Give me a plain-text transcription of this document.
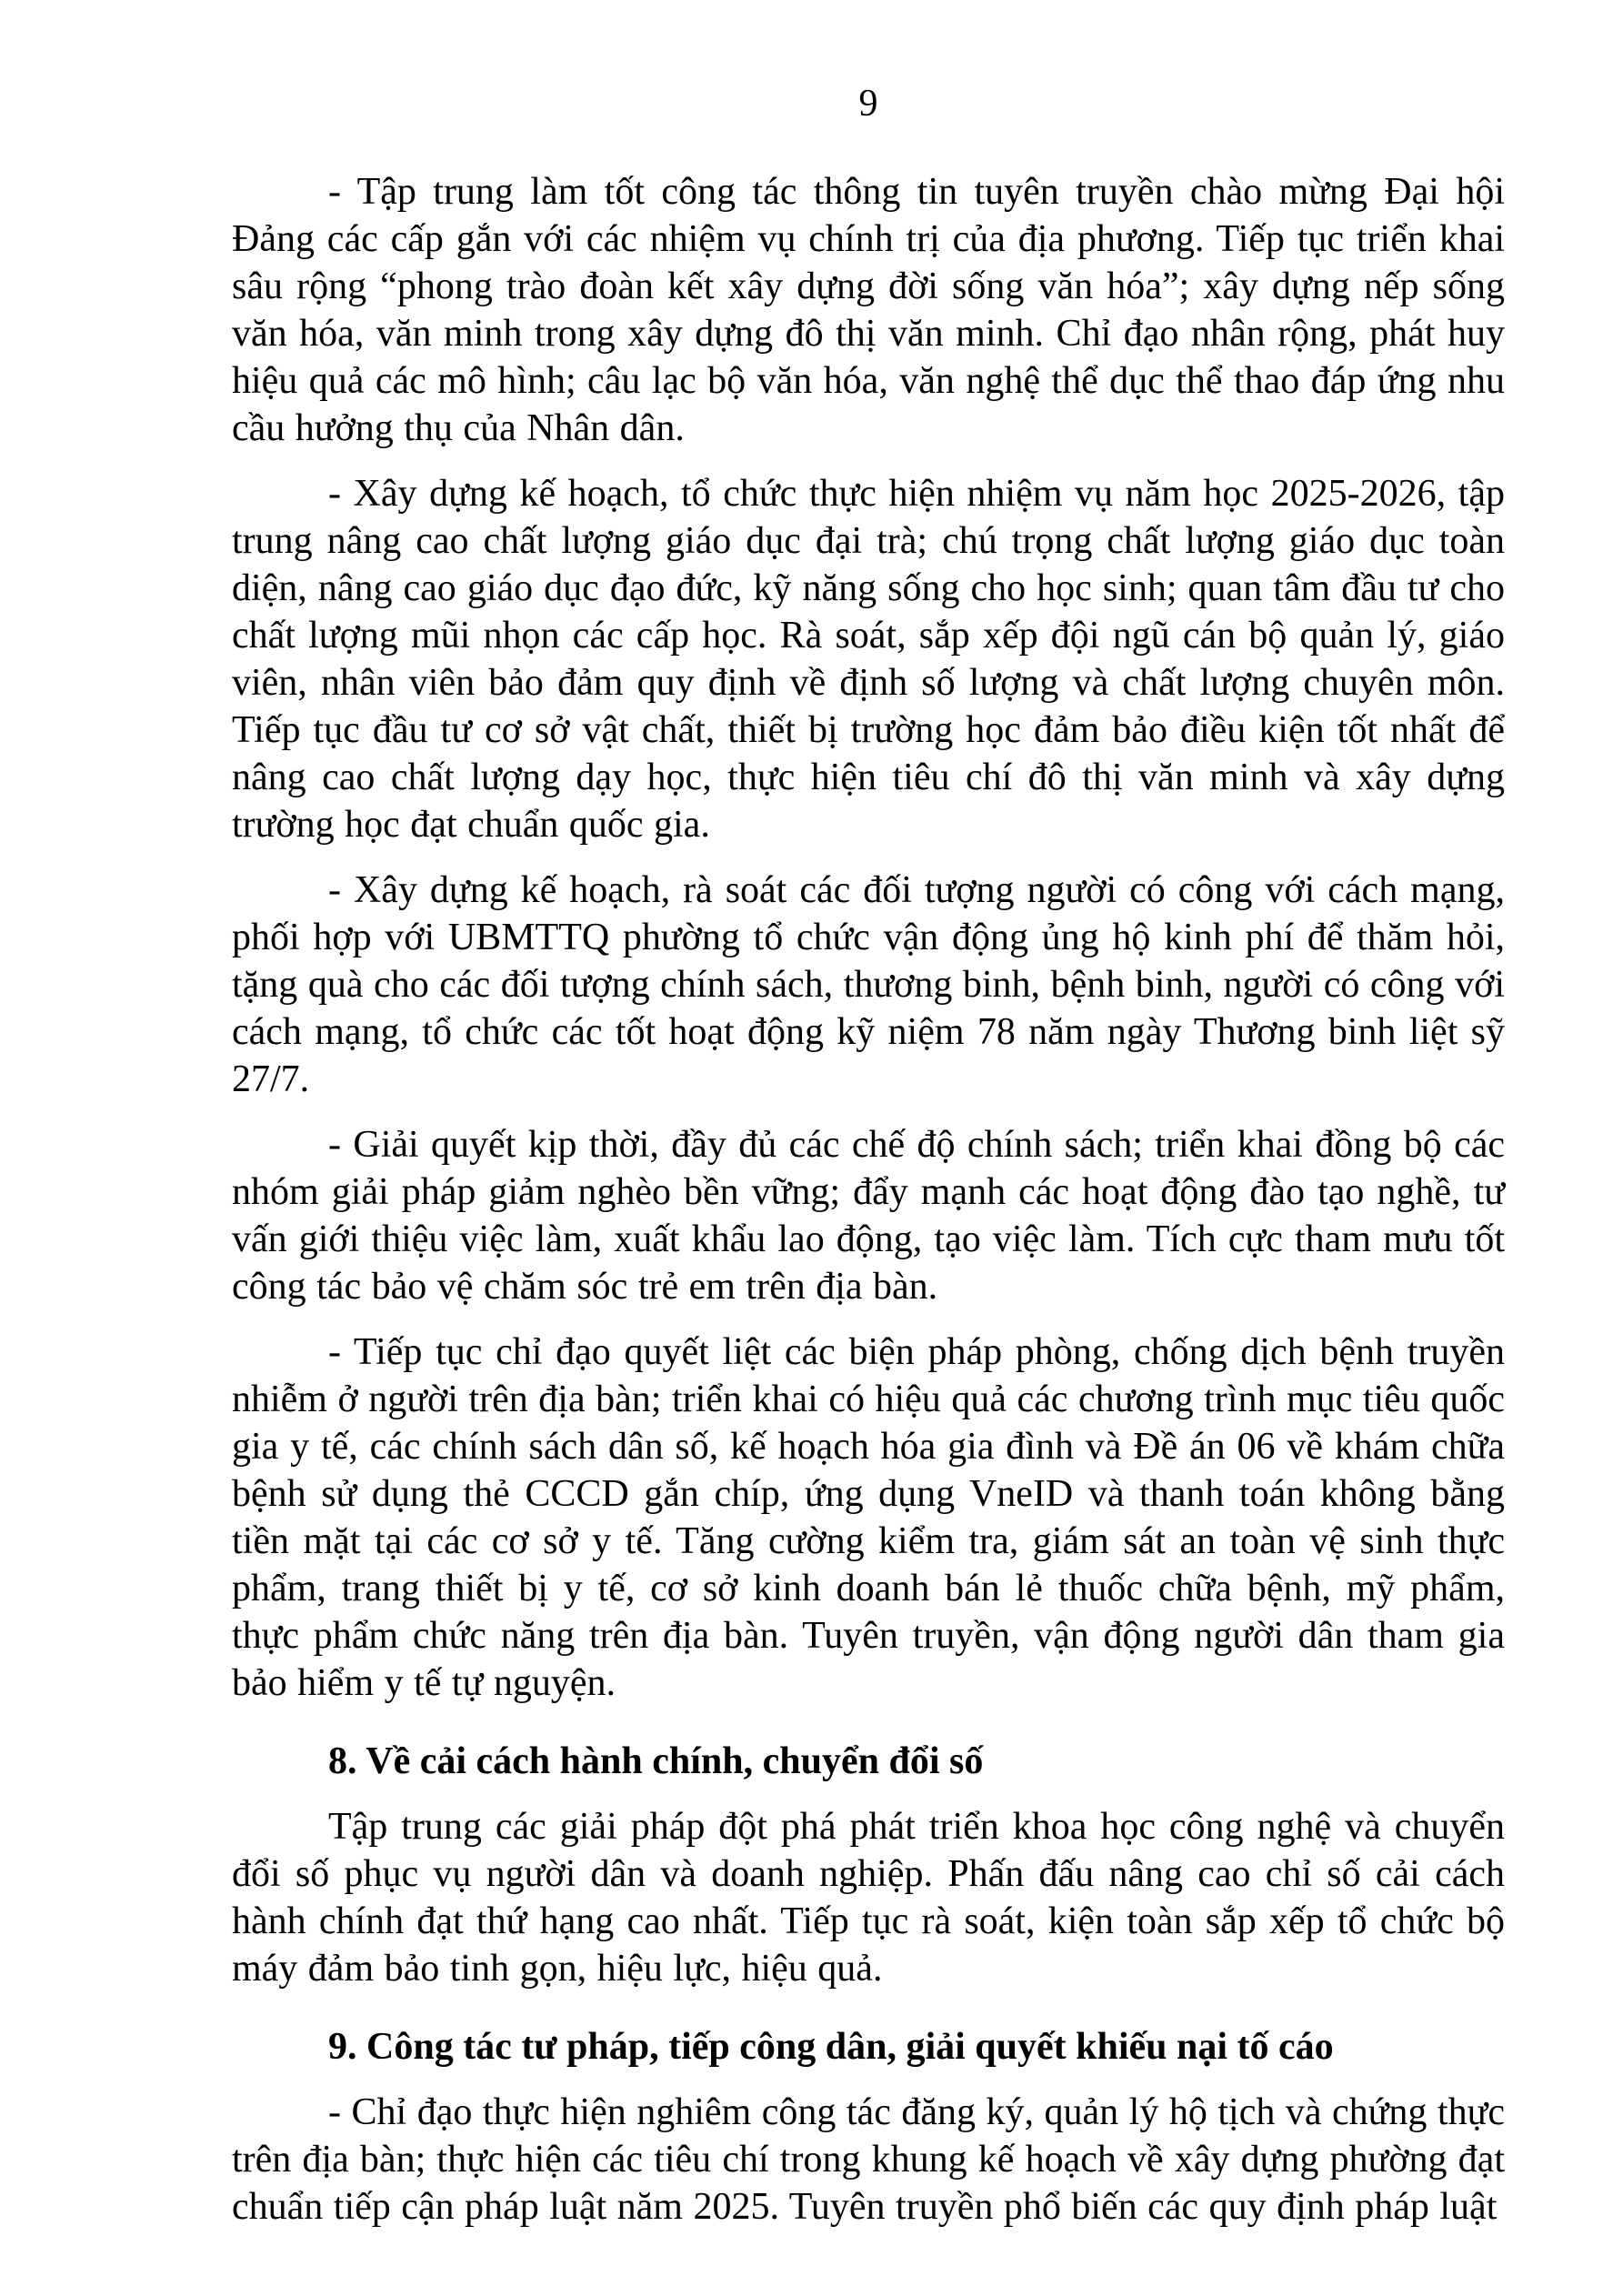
9

- Tập trung làm tốt công tác thông tin tuyên truyền chào mừng Đại hội Đảng các cấp gắn với các nhiệm vụ chính trị của địa phương. Tiếp tục triển khai sâu rộng “phong trào đoàn kết xây dựng đời sống văn hóa”; xây dựng nếp sống văn hóa, văn minh trong xây dựng đô thị văn minh. Chỉ đạo nhân rộng, phát huy hiệu quả các mô hình; câu lạc bộ văn hóa, văn nghệ thể dục thể thao đáp ứng nhu cầu hưởng thụ của Nhân dân.

- Xây dựng kế hoạch, tổ chức thực hiện nhiệm vụ năm học 2025-2026, tập trung nâng cao chất lượng giáo dục đại trà; chú trọng chất lượng giáo dục toàn diện, nâng cao giáo dục đạo đức, kỹ năng sống cho học sinh; quan tâm đầu tư cho chất lượng mũi nhọn các cấp học. Rà soát, sắp xếp đội ngũ cán bộ quản lý, giáo viên, nhân viên bảo đảm quy định về định số lượng và chất lượng chuyên môn. Tiếp tục đầu tư cơ sở vật chất, thiết bị trường học đảm bảo điều kiện tốt nhất để nâng cao chất lượng dạy học, thực hiện tiêu chí đô thị văn minh và xây dựng trường học đạt chuẩn quốc gia.

- Xây dựng kế hoạch, rà soát các đối tượng người có công với cách mạng, phối hợp với UBMTTQ phường tổ chức vận động ủng hộ kinh phí để thăm hỏi, tặng quà cho các đối tượng chính sách, thương binh, bệnh binh, người có công với cách mạng, tổ chức các tốt hoạt động kỹ niệm 78 năm ngày Thương binh liệt sỹ 27/7.

- Giải quyết kịp thời, đầy đủ các chế độ chính sách; triển khai đồng bộ các nhóm giải pháp giảm nghèo bền vững; đẩy mạnh các hoạt động đào tạo nghề, tư vấn giới thiệu việc làm, xuất khẩu lao động, tạo việc làm. Tích cực tham mưu tốt công tác bảo vệ chăm sóc trẻ em trên địa bàn.

- Tiếp tục chỉ đạo quyết liệt các biện pháp phòng, chống dịch bệnh truyền nhiễm ở người trên địa bàn; triển khai có hiệu quả các chương trình mục tiêu quốc gia y tế, các chính sách dân số, kế hoạch hóa gia đình và Đề án 06 về khám chữa bệnh sử dụng thẻ CCCD gắn chíp, ứng dụng VneID và thanh toán không bằng tiền mặt tại các cơ sở y tế. Tăng cường kiểm tra, giám sát an toàn vệ sinh thực phẩm, trang thiết bị y tế, cơ sở kinh doanh bán lẻ thuốc chữa bệnh, mỹ phẩm, thực phẩm chức năng trên địa bàn. Tuyên truyền, vận động người dân tham gia bảo hiểm y tế tự nguyện.

8. Về cải cách hành chính, chuyển đổi số

Tập trung các giải pháp đột phá phát triển khoa học công nghệ và chuyển đổi số phục vụ người dân và doanh nghiệp. Phấn đấu nâng cao chỉ số cải cách hành chính đạt thứ hạng cao nhất. Tiếp tục rà soát, kiện toàn sắp xếp tổ chức bộ máy đảm bảo tinh gọn, hiệu lực, hiệu quả.

9. Công tác tư pháp, tiếp công dân, giải quyết khiếu nại tố cáo

- Chỉ đạo thực hiện nghiêm công tác đăng ký, quản lý hộ tịch và chứng thực trên địa bàn; thực hiện các tiêu chí trong khung kế hoạch về xây dựng phường đạt chuẩn tiếp cận pháp luật năm 2025. Tuyên truyền phổ biến các quy định pháp luật
